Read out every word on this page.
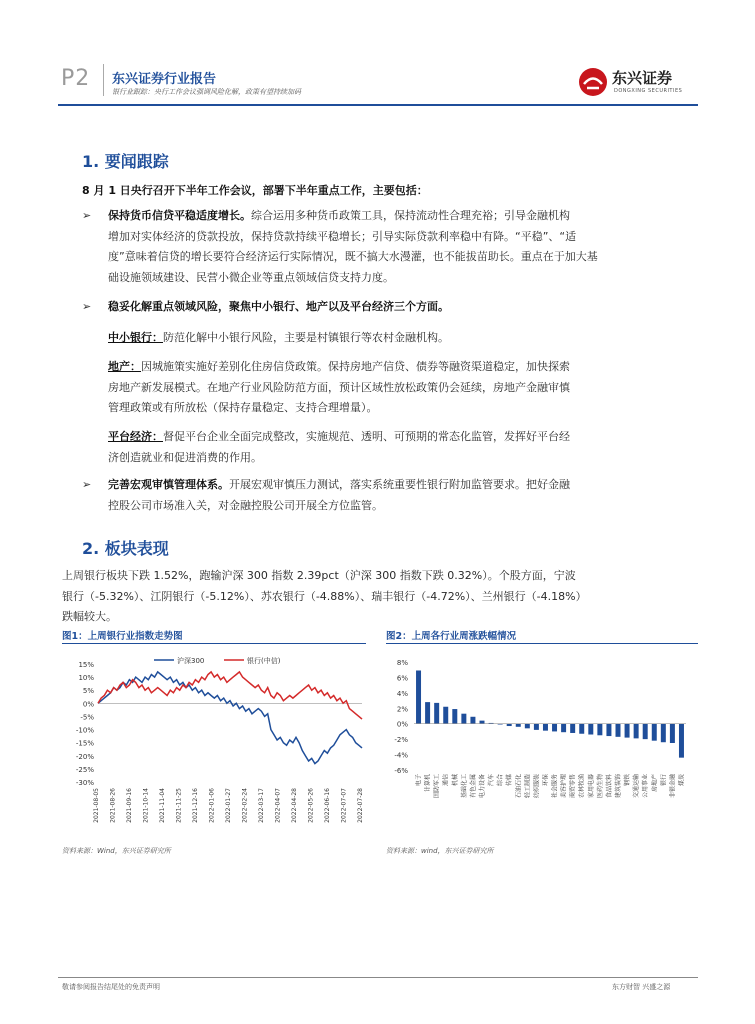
P2 东兴证券行业报告
银行业跟踪：央行工作会议强调风险化解，政策有望持续加码
东兴证券
DONGXING SECURITIES
1. 要闻跟踪
8 月 1 日央行召开下半年工作会议，部署下半年重点工作，主要包括：
➢ 保持货币信贷平稳适度增长。综合运用多种货币政策工具，保持流动性合理充裕；引导金融机构
增加对实体经济的贷款投放，保持贷款持续平稳增长；引导实际贷款利率稳中有降。“平稳”、“适
度”意味着信贷的增长要符合经济运行实际情况，既不搞大水漫灌，也不能拔苗助长。重点在于加大基
础设施领域建设、民营小微企业等重点领域信贷支持力度。
➢ 稳妥化解重点领域风险，聚焦中小银行、地产以及平台经济三个方面。
中小银行：防范化解中小银行风险，主要是村镇银行等农村金融机构。
地产：因城施策实施好差别化住房信贷政策。保持房地产信贷、债券等融资渠道稳定，加快探索
房地产新发展模式。在地产行业风险防范方面，预计区域性放松政策仍会延续，房地产金融审慎
管理政策或有所放松（保持存量稳定、支持合理增量）。
平台经济：督促平台企业全面完成整改，实施规范、透明、可预期的常态化监管，发挥好平台经
济创造就业和促进消费的作用。
➢ 完善宏观审慎管理体系。开展宏观审慎压力测试，落实系统重要性银行附加监管要求。把好金融
控股公司市场准入关，对金融控股公司开展全方位监管。
2. 板块表现
上周银行板块下跌 1.52%，跑输沪深 300 指数 2.39pct（沪深 300 指数下跌 0.32%）。个股方面，宁波
银行（-5.32%）、江阴银行（-5.12%）、苏农银行（-4.88%）、瑞丰银行（-4.72%）、兰州银行（-4.18%）
跌幅较大。
图1：上周银行业指数走势图	图2：上周各行业周涨跌幅情况
15%
10%
5%
0%
-5%
-10%
-15%
-20%
-25%
-30%
沪深300	银行(中信)
2021-08-05 2021-08-26 2021-09-16 2021-10-14 2021-11-04 2021-11-25 2021-12-16 2022-01-06 2022-01-27 2022-02-24 2022-03-17 2022-04-07 2022-04-28 2022-05-26 2022-06-16 2022-07-07 2022-07-28
8%
6%
4%
2%
0%
-2%
-4%
-6%
电子 计算机 国防军工 通信 机械 基础化工 有色金属 电力设备 汽车 综合 传媒 石油石化 轻工制造 纺织服装 环保 社会服务 美容护理 商贸零售 农林牧渔 家用电器 医药生物 食品饮料 建筑装饰 钢铁 交通运输 公用事业 房地产 银行 非银金融 煤炭
资料来源：Wind，东兴证券研究所	资料来源：wind，东兴证券研究所
敬请参阅报告结尾处的免责声明	东方财智 兴盛之源
